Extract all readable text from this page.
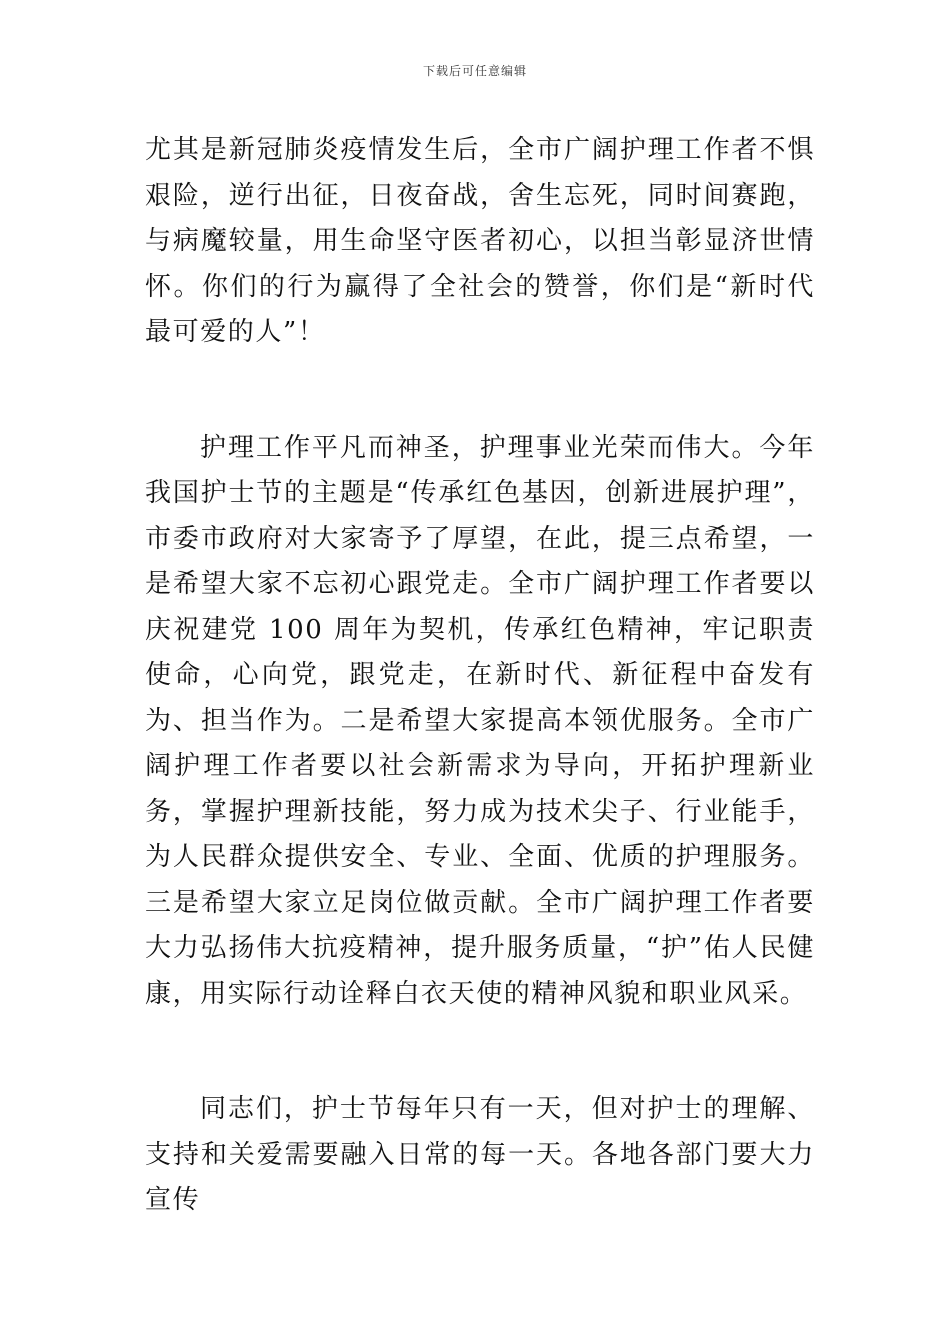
下载后可任意编辑

尤其是新冠肺炎疫情发生后，全市广阔护理工作者不惧艰险，逆行出征，日夜奋战，舍生忘死，同时间赛跑，与病魔较量，用生命坚守医者初心，以担当彰显济世情怀。你们的行为赢得了全社会的赞誉，你们是“新时代最可爱的人”！

护理工作平凡而神圣，护理事业光荣而伟大。今年我国护士节的主题是“传承红色基因，创新进展护理”，市委市政府对大家寄予了厚望，在此，提三点希望，一是希望大家不忘初心跟党走。全市广阔护理工作者要以庆祝建党 100 周年为契机，传承红色精神，牢记职责使命，心向党，跟党走，在新时代、新征程中奋发有为、担当作为。二是希望大家提高本领优服务。全市广阔护理工作者要以社会新需求为导向，开拓护理新业务，掌握护理新技能，努力成为技术尖子、行业能手，为人民群众提供安全、专业、全面、优质的护理服务。三是希望大家立足岗位做贡献。全市广阔护理工作者要大力弘扬伟大抗疫精神，提升服务质量，“护”佑人民健康，用实际行动诠释白衣天使的精神风貌和职业风采。

同志们，护士节每年只有一天，但对护士的理解、支持和关爱需要融入日常的每一天。各地各部门要大力宣传
